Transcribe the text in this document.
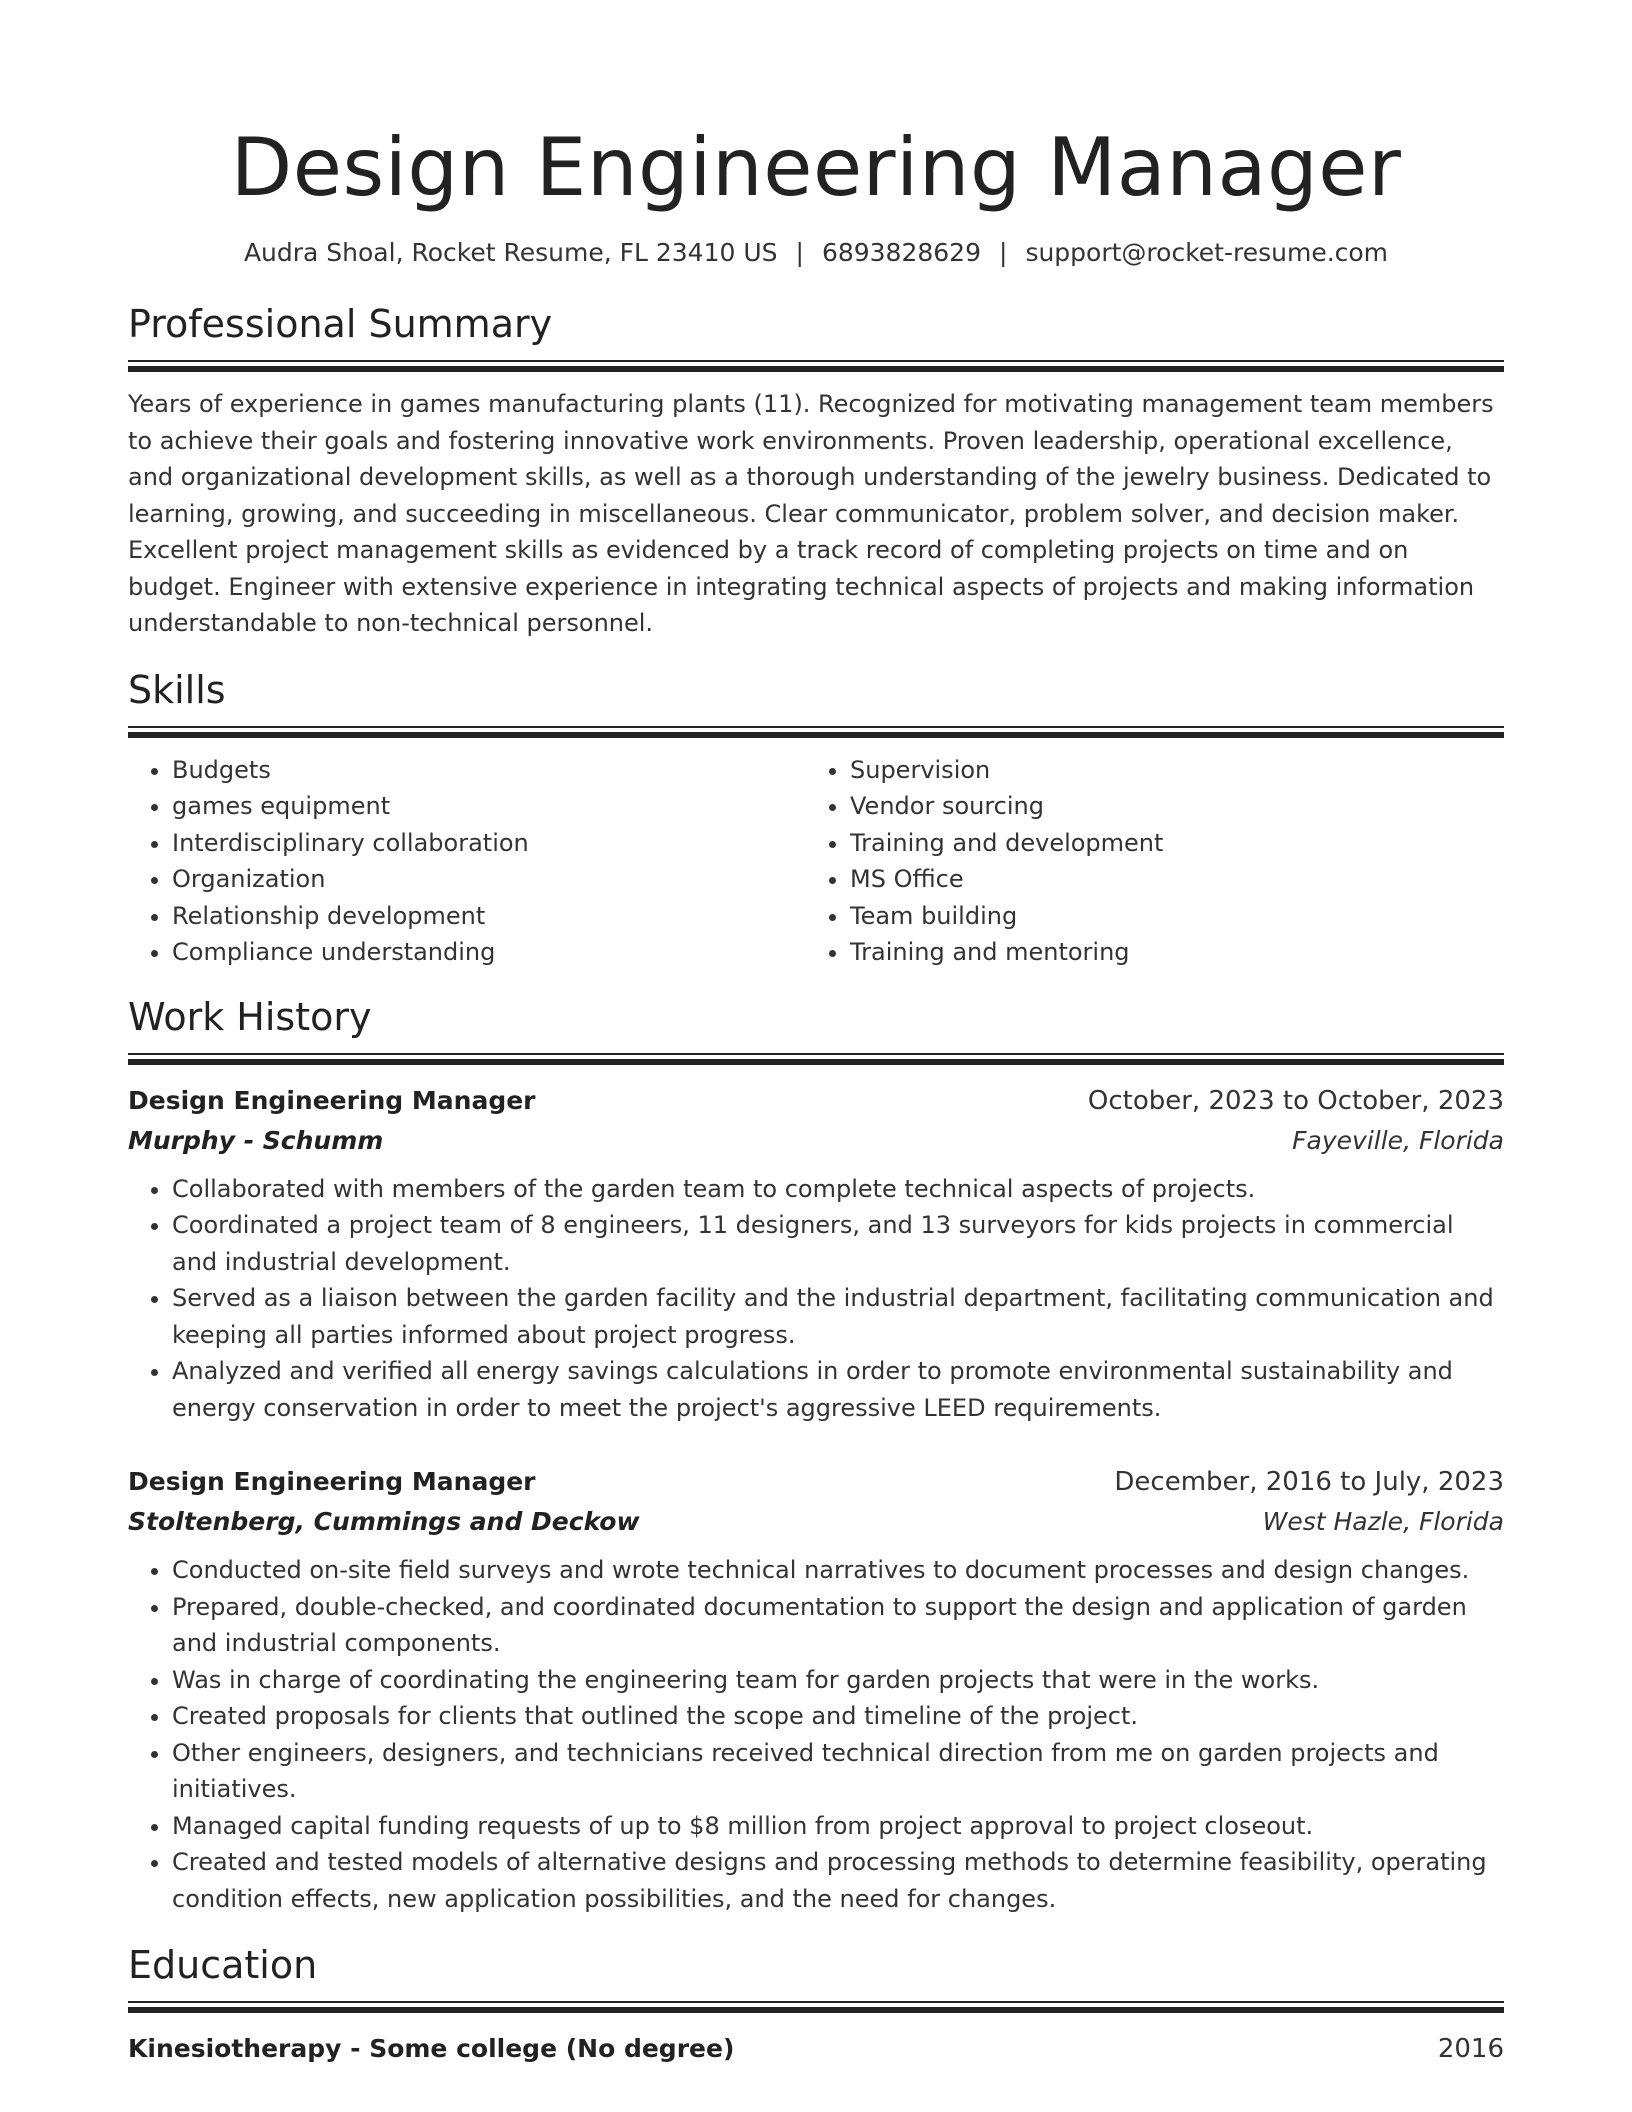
Design Engineering Manager
Audra Shoal, Rocket Resume, FL 23410 US | 6893828629 | support@rocket-resume.com
Professional Summary

Years of experience in games manufacturing plants (11). Recognized for motivating management team members to achieve their goals and fostering innovative work environments. Proven leadership, operational excellence, and organizational development skills, as well as a thorough understanding of the jewelry business. Dedicated to learning, growing, and succeeding in miscellaneous. Clear communicator, problem solver, and decision maker. Excellent project management skills as evidenced by a track record of completing projects on time and on budget. Engineer with extensive experience in integrating technical aspects of projects and making information understandable to non-technical personnel.

Skills
• Budgets
• games equipment
• Interdisciplinary collaboration
• Organization
• Relationship development
• Compliance understanding
• Supervision
• Vendor sourcing
• Training and development
• MS Office
• Team building
• Training and mentoring
Work History
Design Engineering Manager	October, 2023 to October, 2023
Murphy - Schumm	Fayeville, Florida
• Collaborated with members of the garden team to complete technical aspects of projects.
• Coordinated a project team of 8 engineers, 11 designers, and 13 surveyors for kids projects in commercial and industrial development.
• Served as a liaison between the garden facility and the industrial department, facilitating communication and keeping all parties informed about project progress.
• Analyzed and verified all energy savings calculations in order to promote environmental sustainability and energy conservation in order to meet the project's aggressive LEED requirements.
Design Engineering Manager	December, 2016 to July, 2023
Stoltenberg, Cummings and Deckow	West Hazle, Florida
• Conducted on-site field surveys and wrote technical narratives to document processes and design changes.
• Prepared, double-checked, and coordinated documentation to support the design and application of garden and industrial components.
• Was in charge of coordinating the engineering team for garden projects that were in the works.
• Created proposals for clients that outlined the scope and timeline of the project.
• Other engineers, designers, and technicians received technical direction from me on garden projects and initiatives.
• Managed capital funding requests of up to $8 million from project approval to project closeout.
• Created and tested models of alternative designs and processing methods to determine feasibility, operating condition effects, new application possibilities, and the need for changes.
Education
Kinesiotherapy - Some college (No degree)	2016
